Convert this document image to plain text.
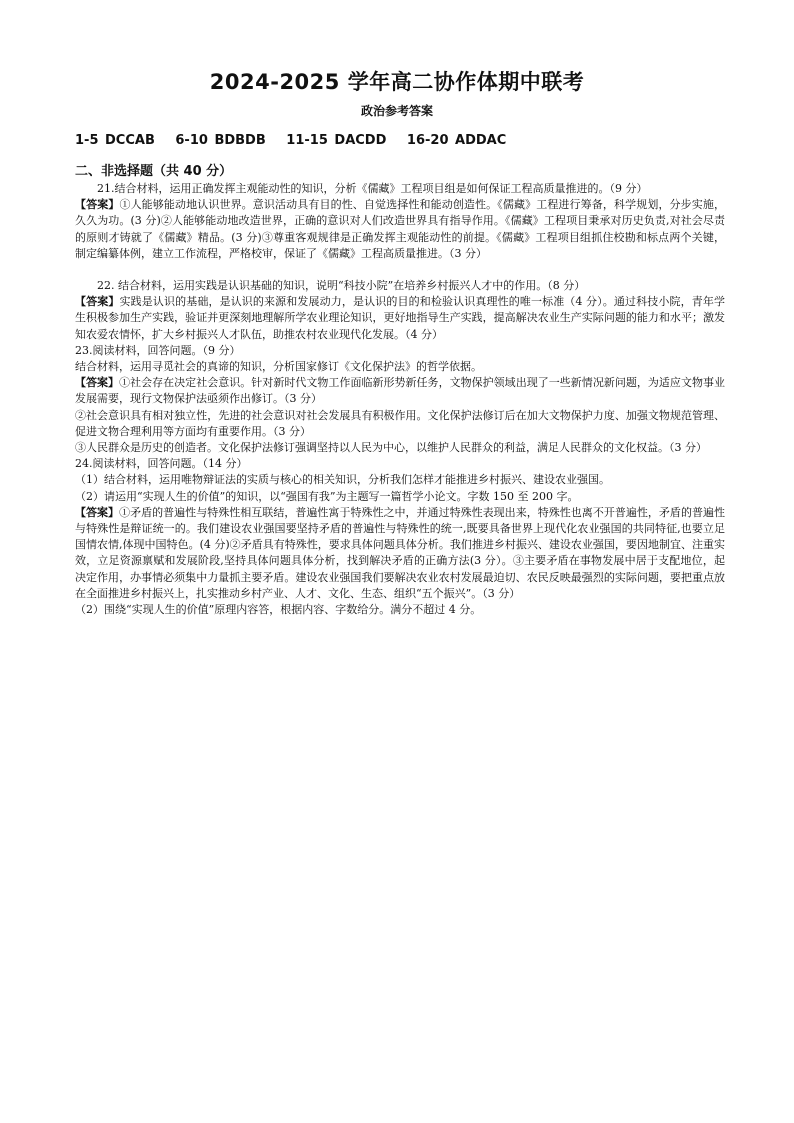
2024-2025 学年高二协作体期中联考
政治参考答案
1-5 DCCAB 6-10 BDBDB 11-15 DACDD 16-20 ADDAC
二、非选择题（共 40 分）

21.结合材料，运用正确发挥主观能动性的知识，分析《儒藏》工程项目组是如何保证工程高质量推进的。（9 分）

【答案】①人能够能动地认识世界。意识活动具有目的性、自觉选择性和能动创造性。《儒藏》工程进行筹备，科学规划，分步实施，久久为功。(3 分)②人能够能动地改造世界，正确的意识对人们改造世界具有指导作用。《儒藏》工程项目秉承对历史负责,对社会尽责的原则才铸就了《儒藏》精品。(3 分)③尊重客观规律是正确发挥主观能动性的前提。《儒藏》工程项目组抓住校勘和标点两个关键，制定编纂体例，建立工作流程，严格校审，保证了《儒藏》工程高质量推进。（3 分）

22. 结合材料，运用实践是认识基础的知识，说明“科技小院”在培养乡村振兴人才中的作用。（8 分）

【答案】实践是认识的基础，是认识的来源和发展动力，是认识的目的和检验认识真理性的唯一标准（4 分）。通过科技小院，青年学生积极参加生产实践，验证并更深刻地理解所学农业理论知识，更好地指导生产实践，提高解决农业生产实际问题的能力和水平；激发知农爱农情怀，扩大乡村振兴人才队伍，助推农村农业现代化发展。（4 分）

23.阅读材料，回答问题。（9 分）

结合材料，运用寻觅社会的真谛的知识，分析国家修订《文化保护法》的哲学依据。

【答案】①社会存在决定社会意识。针对新时代文物工作面临新形势新任务，文物保护领域出现了一些新情况新问题，为适应文物事业发展需要，现行文物保护法亟须作出修订。（3 分）

②社会意识具有相对独立性，先进的社会意识对社会发展具有积极作用。文化保护法修订后在加大文物保护力度、加强文物规范管理、促进文物合理利用等方面均有重要作用。（3 分）

③人民群众是历史的创造者。文化保护法修订强调坚持以人民为中心，以维护人民群众的利益，满足人民群众的文化权益。（3 分）

24.阅读材料，回答问题。（14 分）

（1）结合材料，运用唯物辩证法的实质与核心的相关知识，分析我们怎样才能推进乡村振兴、建设农业强国。

（2）请运用“实现人生的价值”的知识，以“强国有我”为主题写一篇哲学小论文。字数 150 至 200 字。

【答案】①矛盾的普遍性与特殊性相互联结，普遍性寓于特殊性之中，并通过特殊性表现出来，特殊性也离不开普遍性，矛盾的普遍性与特殊性是辩证统一的。我们建设农业强国要坚持矛盾的普遍性与特殊性的统一,既要具备世界上现代化农业强国的共同特征,也要立足国情农情,体现中国特色。(4 分)②矛盾具有特殊性，要求具体问题具体分析。我们推进乡村振兴、建设农业强国，要因地制宜、注重实效，立足资源禀赋和发展阶段,坚持具体问题具体分析，找到解决矛盾的正确方法(3 分）。③主要矛盾在事物发展中居于支配地位，起决定作用，办事情必须集中力量抓主要矛盾。建设农业强国我们要解决农业农村发展最迫切、农民反映最强烈的实际问题，要把重点放在全面推进乡村振兴上，扎实推动乡村产业、人才、文化、生态、组织“五个振兴”。（3 分）

（2）围绕“实现人生的价值”原理内容答，根据内容、字数给分。满分不超过 4 分。
